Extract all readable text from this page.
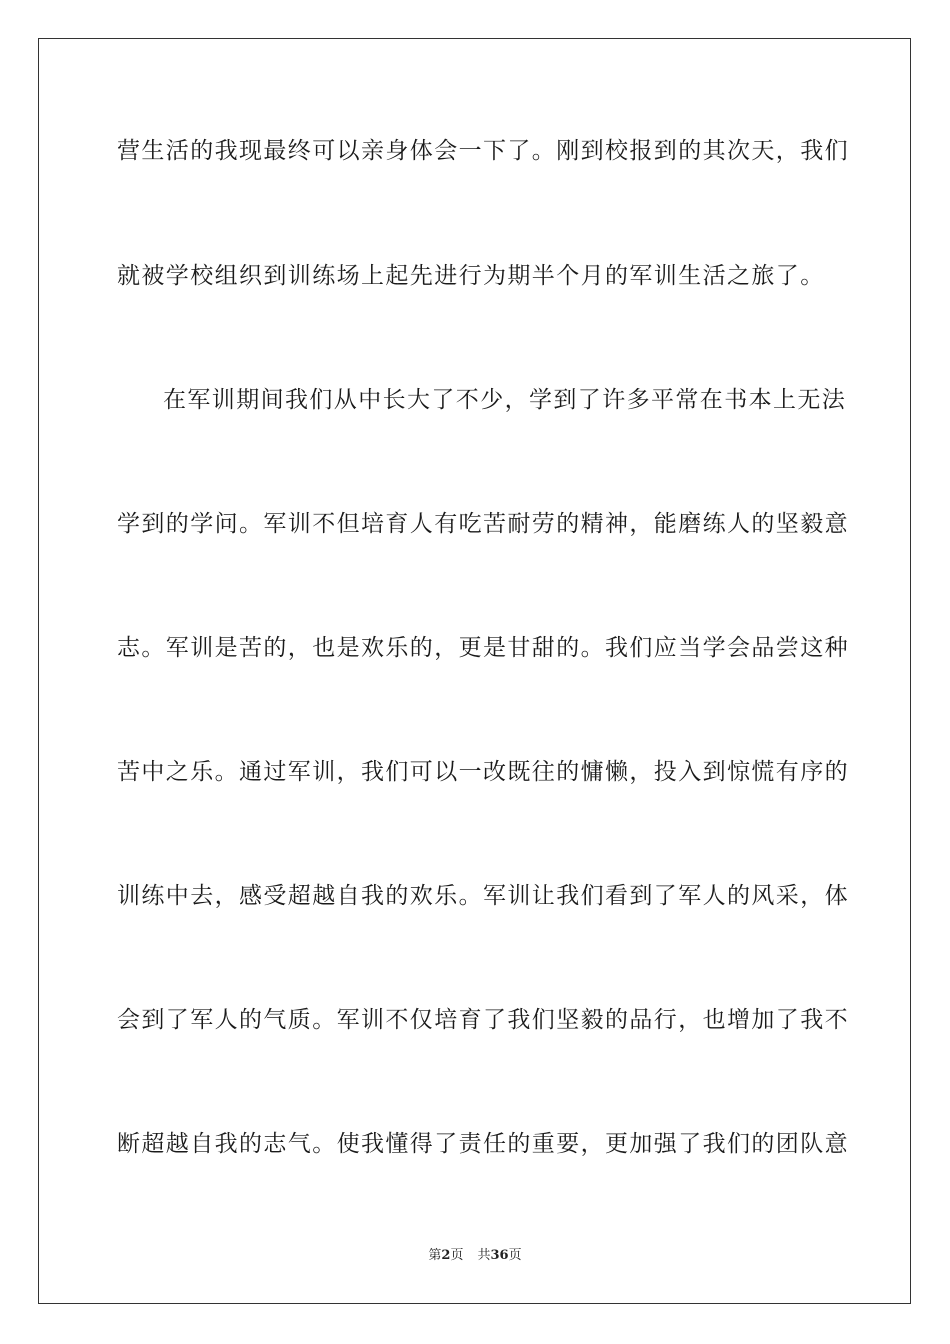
营生活的我现最终可以亲身体会一下了。刚到校报到的其次天，我们
就被学校组织到训练场上起先进行为期半个月的军训生活之旅了。
在军训期间我们从中长大了不少，学到了许多平常在书本上无法
学到的学问。军训不但培育人有吃苦耐劳的精神，能磨练人的坚毅意
志。军训是苦的，也是欢乐的，更是甘甜的。我们应当学会品尝这种
苦中之乐。通过军训，我们可以一改既往的慵懒，投入到惊慌有序的
训练中去，感受超越自我的欢乐。军训让我们看到了军人的风采，体
会到了军人的气质。军训不仅培育了我们坚毅的品行，也增加了我不
断超越自我的志气。使我懂得了责任的重要，更加强了我们的团队意
第2页 共36页
